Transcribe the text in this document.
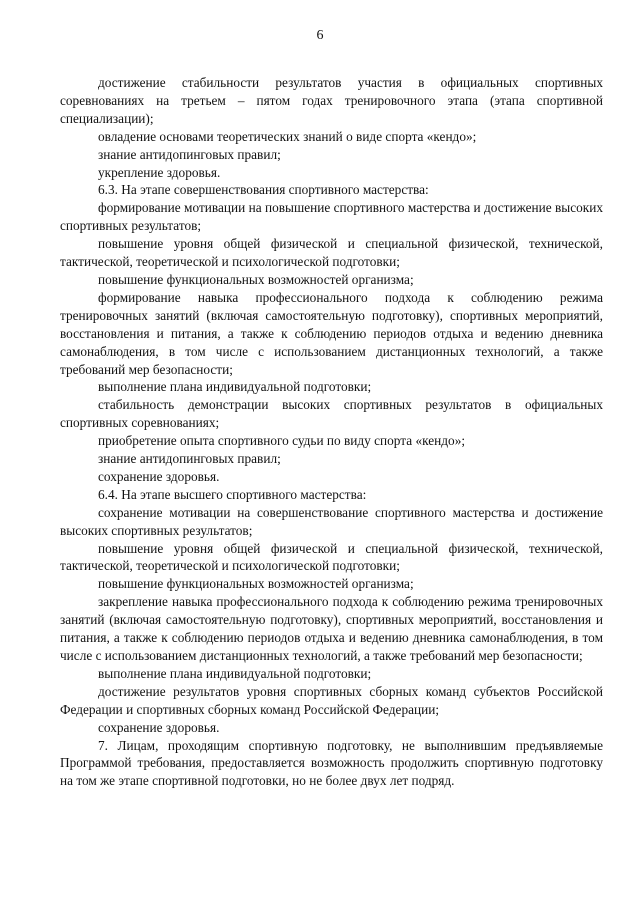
6

достижение стабильности результатов участия в официальных спортивных соревнованиях на третьем – пятом годах тренировочного этапа (этапа спортивной специализации);

овладение основами теоретических знаний о виде спорта «кендо»;

знание антидопинговых правил;

укрепление здоровья.

6.3. На этапе совершенствования спортивного мастерства:

формирование мотивации на повышение спортивного мастерства и достижение высоких спортивных результатов;

повышение уровня общей физической и специальной физической, технической, тактической, теоретической и психологической подготовки;

повышение функциональных возможностей организма;

формирование навыка профессионального подхода к соблюдению режима тренировочных занятий (включая самостоятельную подготовку), спортивных мероприятий, восстановления и питания, а также к соблюдению периодов отдыха и ведению дневника самонаблюдения, в том числе с использованием дистанционных технологий, а также требований мер безопасности;

выполнение плана индивидуальной подготовки;

стабильность демонстрации высоких спортивных результатов в официальных спортивных соревнованиях;

приобретение опыта спортивного судьи по виду спорта «кендо»;

знание антидопинговых правил;

сохранение здоровья.

6.4. На этапе высшего спортивного мастерства:

сохранение мотивации на совершенствование спортивного мастерства и достижение высоких спортивных результатов;

повышение уровня общей физической и специальной физической, технической, тактической, теоретической и психологической подготовки;

повышение функциональных возможностей организма;

закрепление навыка профессионального подхода к соблюдению режима тренировочных занятий (включая самостоятельную подготовку), спортивных мероприятий, восстановления и питания, а также к соблюдению периодов отдыха и ведению дневника самонаблюдения, в том числе с использованием дистанционных технологий, а также требований мер безопасности;

выполнение плана индивидуальной подготовки;

достижение результатов уровня спортивных сборных команд субъектов Российской Федерации и спортивных сборных команд Российской Федерации;

сохранение здоровья.

7. Лицам, проходящим спортивную подготовку, не выполнившим предъявляемые Программой требования, предоставляется возможность продолжить спортивную подготовку на том же этапе спортивной подготовки, но не более двух лет подряд.
